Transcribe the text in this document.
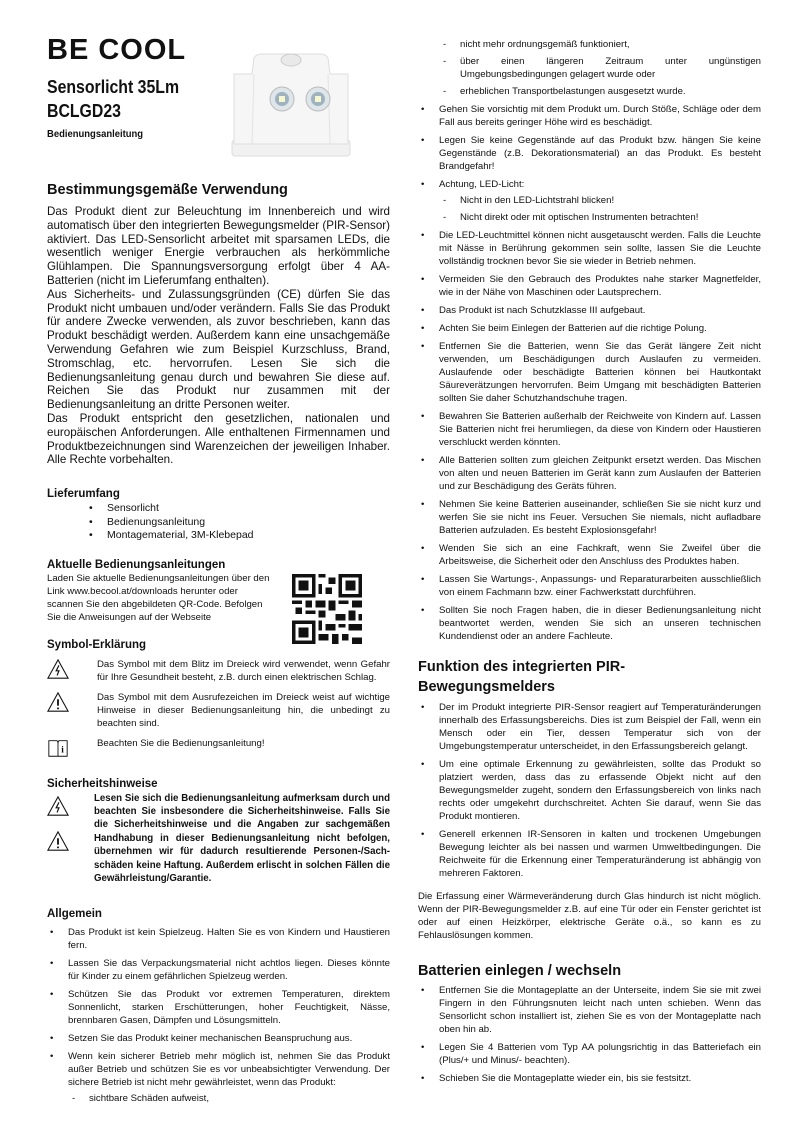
BE COOL
Sensorlicht 35Lm
BCLGD23
Bedienungsanleitung
Bestimmungsgemäße Verwendung

Das Produkt dient zur Beleuchtung im Innenbereich und wird automatisch über den integrierten Bewegungsmelder (PIR-Sensor) aktiviert. Das LED-Sensorlicht arbeitet mit sparsamen LEDs, die wesentlich weniger Energie verbrauchen als herkömmliche Glühlampen. Die Spannungsversorgung erfolgt über 4 AA-Batterien (nicht im Lieferumfang enthalten).

Aus Sicherheits- und Zulassungsgründen (CE) dürfen Sie das Produkt nicht umbauen und/oder verändern. Falls Sie das Produkt für andere Zwecke verwenden, als zuvor beschrieben, kann das Produkt beschädigt werden. Außerdem kann eine unsachgemäße Verwendung Gefahren wie zum Beispiel Kurzschluss, Brand, Stromschlag, etc. hervorrufen. Lesen Sie sich die Bedienungsanleitung genau durch und bewahren Sie diese auf. Reichen Sie das Produkt nur zusammen mit der Bedienungsanleitung an dritte Personen weiter.

Das Produkt entspricht den gesetzlichen, nationalen und europäischen Anforderungen. Alle enthaltenen Firmennamen und Produktbezeichnungen sind Warenzeichen der jeweiligen Inhaber. Alle Rechte vorbehalten.

Lieferumfang
• Sensorlicht
• Bedienungsanleitung
• Montagematerial, 3M-Klebepad
Aktuelle Bedienungsanleitungen
Laden Sie aktuelle Bedienungsanleitungen über den Link www.becool.at/downloads herunter oder scannen Sie den abgebildeten QR-Code. Befolgen Sie die Anweisungen auf der Webseite
Symbol-Erklärung
Das Symbol mit dem Blitz im Dreieck wird verwendet, wenn Gefahr für Ihre Gesundheit besteht, z.B. durch einen elektrischen Schlag.
Das Symbol mit dem Ausrufezeichen im Dreieck weist auf wichtige Hinweise in dieser Bedienungsanleitung hin, die unbedingt zu beachten sind.
i
Beachten Sie die Bedienungsanleitung!
Sicherheitshinweise
Lesen Sie sich die Bedienungsanleitung aufmerksam durch und beachten Sie insbesondere die Sicherheitshinweise. Falls Sie die Sicherheitshinweise und die Angaben zur sachgemäßen Handhabung in dieser Bedienungsanleitung nicht befolgen, übernehmen wir für dadurch resultierende Personen-/Sach-schäden keine Haftung. Außerdem erlischt in solchen Fällen die Gewährleistung/Garantie.
Allgemein
• Das Produkt ist kein Spielzeug. Halten Sie es von Kindern und Haustieren fern.
• Lassen Sie das Verpackungsmaterial nicht achtlos liegen. Dieses könnte für Kinder zu einem gefährlichen Spielzeug werden.
• Schützen Sie das Produkt vor extremen Temperaturen, direktem Sonnenlicht, starken Erschütterungen, hoher Feuchtigkeit, Nässe, brennbaren Gasen, Dämpfen und Lösungsmitteln.
• Setzen Sie das Produkt keiner mechanischen Beanspruchung aus.
• Wenn kein sicherer Betrieb mehr möglich ist, nehmen Sie das Produkt außer Betrieb und schützen Sie es vor unbeabsichtigter Verwendung. Der sichere Betrieb ist nicht mehr gewährleistet, wenn das Produkt:
- sichtbare Schäden aufweist,
- nicht mehr ordnungsgemäß funktioniert,
- über einen längeren Zeitraum unter ungünstigen Umgebungsbedingungen gelagert wurde oder
- erheblichen Transportbelastungen ausgesetzt wurde.
• Gehen Sie vorsichtig mit dem Produkt um. Durch Stöße, Schläge oder dem Fall aus bereits geringer Höhe wird es beschädigt.
• Legen Sie keine Gegenstände auf das Produkt bzw. hängen Sie keine Gegenstände (z.B. Dekorationsmaterial) an das Produkt. Es besteht Brandgefahr!
• Achtung, LED-Licht:
- Nicht in den LED-Lichtstrahl blicken!
- Nicht direkt oder mit optischen Instrumenten betrachten!
• Die LED-Leuchtmittel können nicht ausgetauscht werden. Falls die Leuchte mit Nässe in Berührung gekommen sein sollte, lassen Sie die Leuchte vollständig trocknen bevor Sie sie wieder in Betrieb nehmen.
• Vermeiden Sie den Gebrauch des Produktes nahe starker Magnetfelder, wie in der Nähe von Maschinen oder Lautsprechern.
• Das Produkt ist nach Schutzklasse III aufgebaut.
• Achten Sie beim Einlegen der Batterien auf die richtige Polung.
• Entfernen Sie die Batterien, wenn Sie das Gerät längere Zeit nicht verwenden, um Beschädigungen durch Auslaufen zu vermeiden. Auslaufende oder beschädigte Batterien können bei Hautkontakt Säureverätzungen hervorrufen. Beim Umgang mit beschädigten Batterien sollten Sie daher Schutzhandschuhe tragen.
• Bewahren Sie Batterien außerhalb der Reichweite von Kindern auf. Lassen Sie Batterien nicht frei herumliegen, da diese von Kindern oder Haustieren verschluckt werden könnten.
• Alle Batterien sollten zum gleichen Zeitpunkt ersetzt werden. Das Mischen von alten und neuen Batterien im Gerät kann zum Auslaufen der Batterien und zur Beschädigung des Geräts führen.
• Nehmen Sie keine Batterien auseinander, schließen Sie sie nicht kurz und werfen Sie sie nicht ins Feuer. Versuchen Sie niemals, nicht aufladbare Batterien aufzuladen. Es besteht Explosionsgefahr!
• Wenden Sie sich an eine Fachkraft, wenn Sie Zweifel über die Arbeitsweise, die Sicherheit oder den Anschluss des Produktes haben.
• Lassen Sie Wartungs-, Anpassungs- und Reparaturarbeiten ausschließlich von einem Fachmann bzw. einer Fachwerkstatt durchführen.
• Sollten Sie noch Fragen haben, die in dieser Bedienungsanleitung nicht beantwortet werden, wenden Sie sich an unseren technischen Kundendienst oder an andere Fachleute.
Funktion des integrierten PIR-Bewegungsmelders
• Der im Produkt integrierte PIR-Sensor reagiert auf Temperaturänderungen innerhalb des Erfassungsbereichs. Dies ist zum Beispiel der Fall, wenn ein Mensch oder ein Tier, dessen Temperatur sich von der Umgebungstemperatur unterscheidet, in den Erfassungsbereich gelangt.
• Um eine optimale Erkennung zu gewährleisten, sollte das Produkt so platziert werden, dass das zu erfassende Objekt nicht auf den Bewegungsmelder zugeht, sondern den Erfassungsbereich von links nach rechts oder umgekehrt durchschreitet. Achten Sie darauf, wenn Sie das Produkt montieren.
• Generell erkennen IR-Sensoren in kalten und trockenen Umgebungen Bewegung leichter als bei nassen und warmen Umweltbedingungen. Die Reichweite für die Erkennung einer Temperaturänderung ist abhängig von mehreren Faktoren.

Die Erfassung einer Wärmeveränderung durch Glas hindurch ist nicht möglich. Wenn der PIR-Bewegungsmelder z.B. auf eine Tür oder ein Fenster gerichtet ist oder auf einen Heizkörper, elektrische Geräte o.ä., so kann es zu Fehlauslösungen kommen.

Batterien einlegen / wechseln
• Entfernen Sie die Montageplatte an der Unterseite, indem Sie sie mit zwei Fingern in den Führungsnuten leicht nach unten schieben. Wenn das Sensorlicht schon installiert ist, ziehen Sie es von der Montageplatte nach oben hin ab.
• Legen Sie 4 Batterien vom Typ AA polungsrichtig in das Batteriefach ein (Plus/+ und Minus/- beachten).
• Schieben Sie die Montageplatte wieder ein, bis sie festsitzt.
